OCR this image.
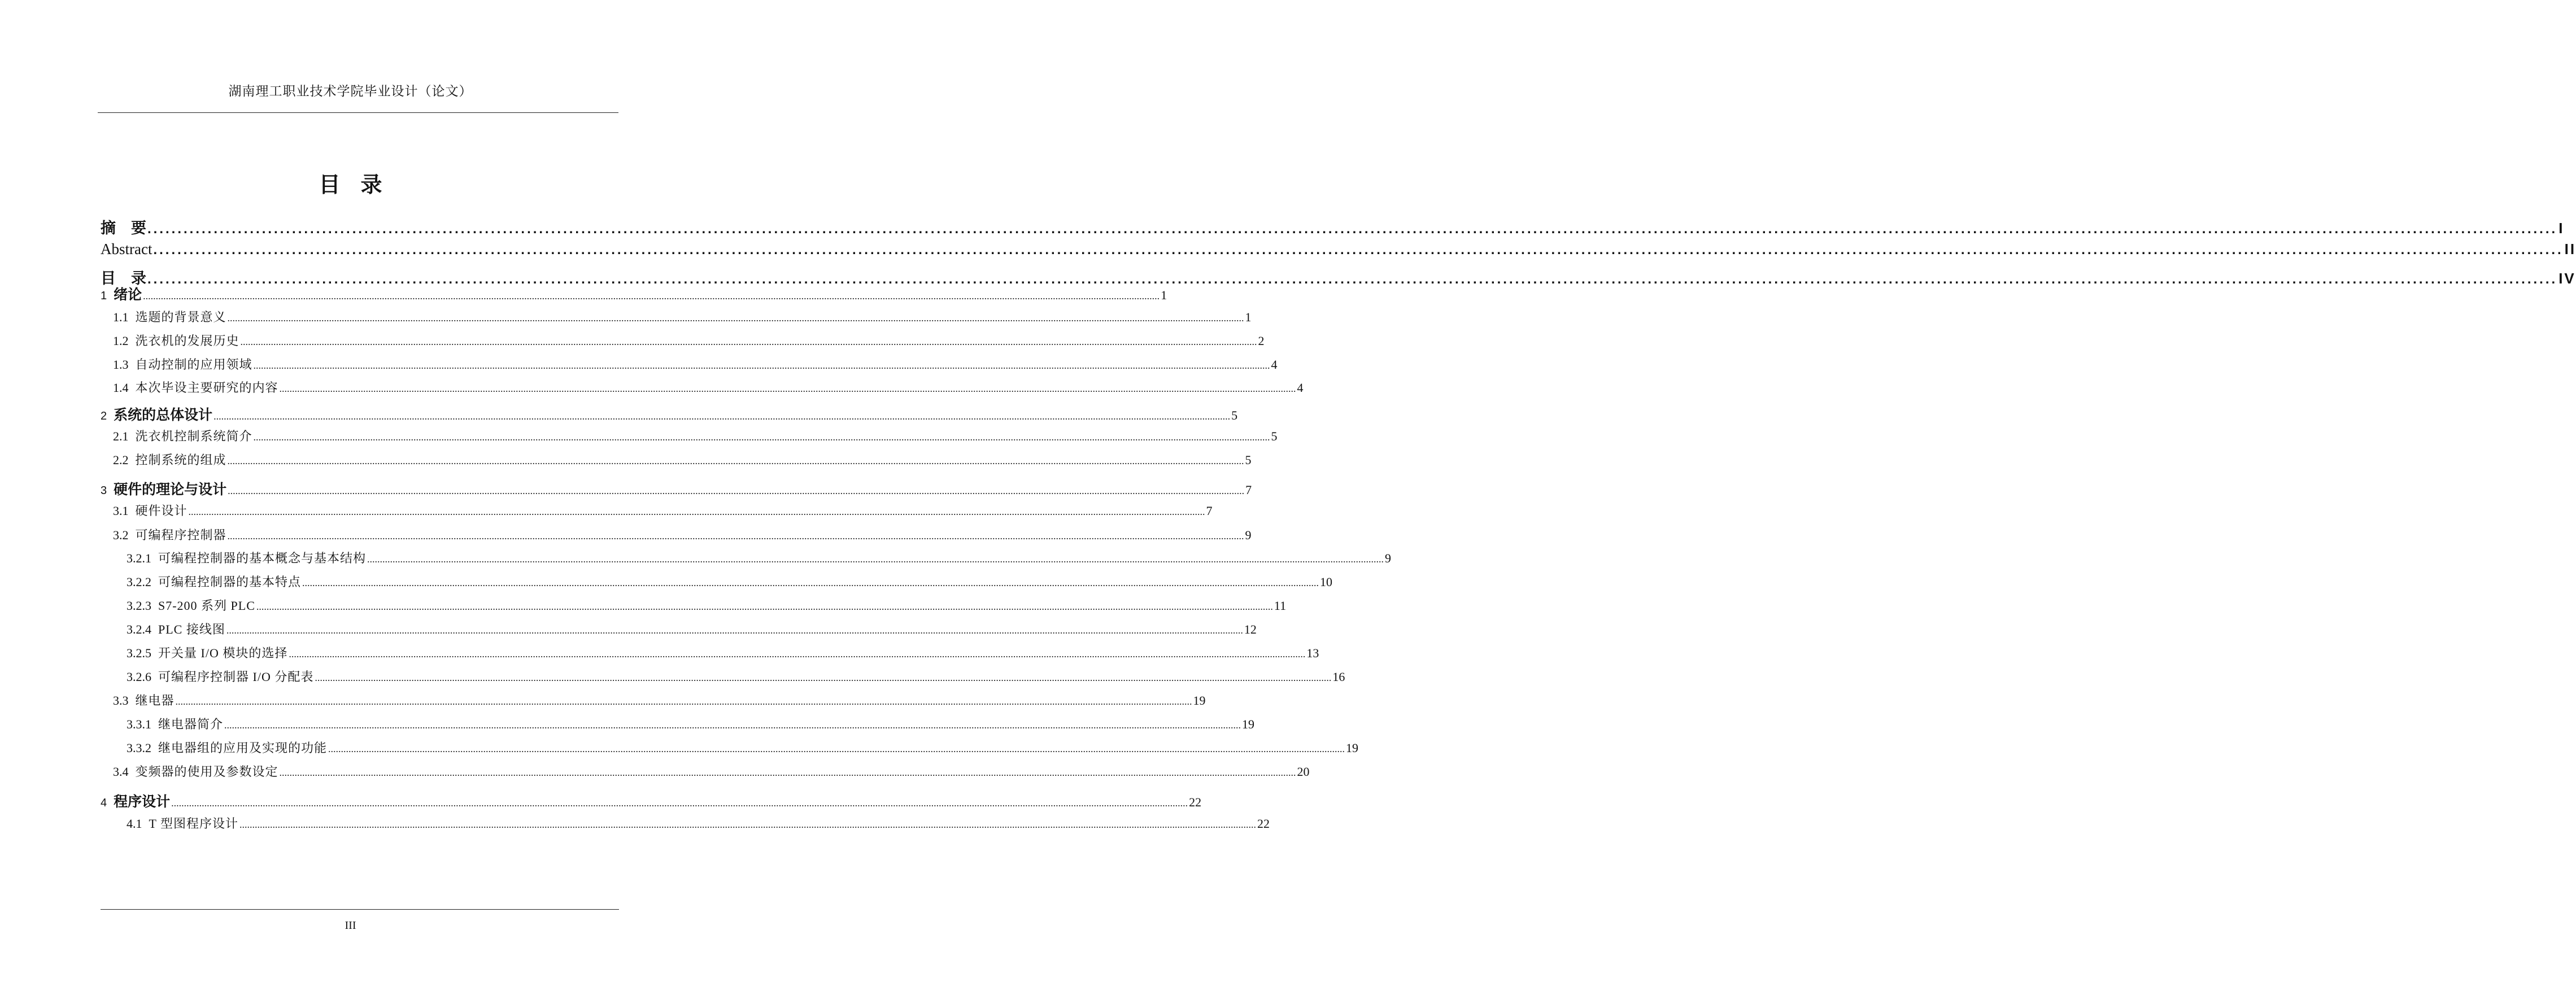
湖南理工职业技术学院毕业设计（论文）
目录
摘　要 ................................................................................................................................................................................................................................................................................................................................................................................................................ I
Abstract ................................................................................................................................................................................................................................................................................................................................................................................................................ II
目　录 ................................................................................................................................................................................................................................................................................................................................................................................................................ IV
1 绪论 ................................................................................................................................................................................................................................................................................................................................................................................................................ 1
1.1 选题的背景意义 ................................................................................................................................................................................................................................................................................................................................................................................................................ 1
1.2 洗衣机的发展历史 ................................................................................................................................................................................................................................................................................................................................................................................................................ 2
1.3 自动控制的应用领域 ................................................................................................................................................................................................................................................................................................................................................................................................................ 4
1.4 本次毕设主要研究的内容 ................................................................................................................................................................................................................................................................................................................................................................................................................ 4
2 系统的总体设计 ................................................................................................................................................................................................................................................................................................................................................................................................................ 5
2.1 洗衣机控制系统简介 ................................................................................................................................................................................................................................................................................................................................................................................................................ 5
2.2 控制系统的组成 ................................................................................................................................................................................................................................................................................................................................................................................................................ 5
3 硬件的理论与设计 ................................................................................................................................................................................................................................................................................................................................................................................................................ 7
3.1 硬件设计 ................................................................................................................................................................................................................................................................................................................................................................................................................ 7
3.2 可编程序控制器 ................................................................................................................................................................................................................................................................................................................................................................................................................ 9
3.2.1 可编程控制器的基本概念与基本结构 ................................................................................................................................................................................................................................................................................................................................................................................................................ 9
3.2.2 可编程控制器的基本特点 ................................................................................................................................................................................................................................................................................................................................................................................................................ 10
3.2.3 S7-200 系列 PLC ................................................................................................................................................................................................................................................................................................................................................................................................................ 11
3.2.4 PLC 接线图 ................................................................................................................................................................................................................................................................................................................................................................................................................ 12
3.2.5 开关量 I/O 模块的选择 ................................................................................................................................................................................................................................................................................................................................................................................................................ 13
3.2.6 可编程序控制器 I/O 分配表 ................................................................................................................................................................................................................................................................................................................................................................................................................ 16
3.3 继电器 ................................................................................................................................................................................................................................................................................................................................................................................................................ 19
3.3.1 继电器简介 ................................................................................................................................................................................................................................................................................................................................................................................................................ 19
3.3.2 继电器组的应用及实现的功能 ................................................................................................................................................................................................................................................................................................................................................................................................................ 19
3.4 变频器的使用及参数设定 ................................................................................................................................................................................................................................................................................................................................................................................................................ 20
4 程序设计 ................................................................................................................................................................................................................................................................................................................................................................................................................ 22
4.1 T 型图程序设计 ................................................................................................................................................................................................................................................................................................................................................................................................................ 22
III
